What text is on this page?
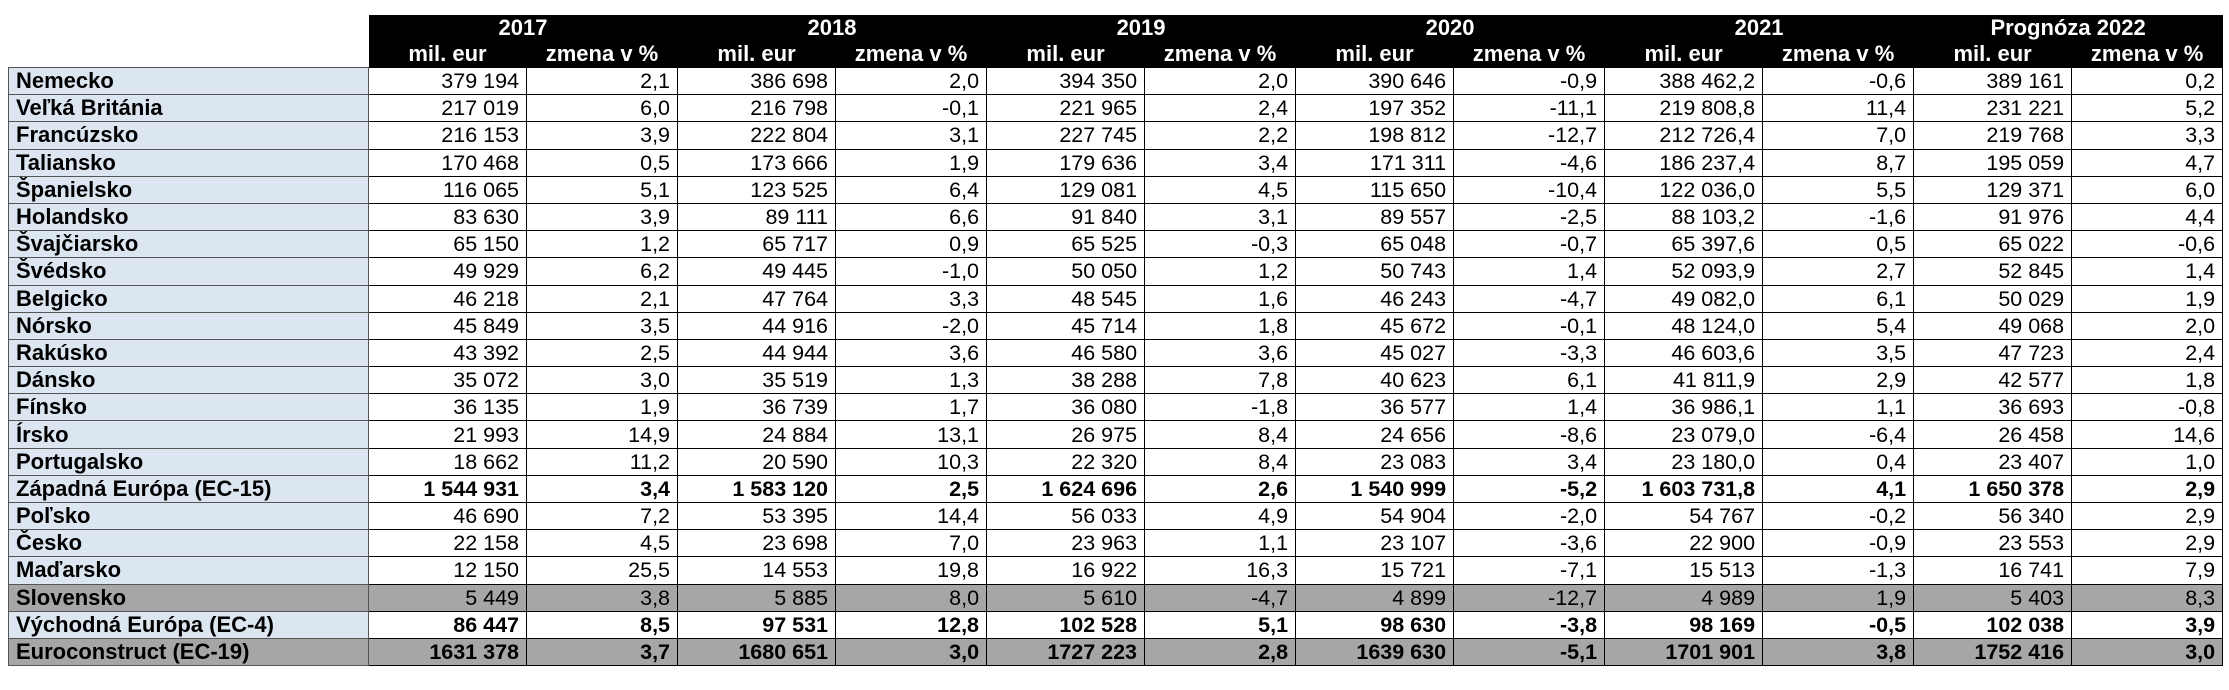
	2017		2018		2019		2020		2021		Prognóza 2022	
	mil. eur	zmena v %	mil. eur	zmena v %	mil. eur	zmena v %	mil. eur	zmena v %	mil. eur	zmena v %	mil. eur	zmena v %
Nemecko	379 194	2,1	386 698	2,0	394 350	2,0	390 646	-0,9	388 462,2	-0,6	389 161	0,2
Veľká Británia	217 019	6,0	216 798	-0,1	221 965	2,4	197 352	-11,1	219 808,8	11,4	231 221	5,2
Francúzsko	216 153	3,9	222 804	3,1	227 745	2,2	198 812	-12,7	212 726,4	7,0	219 768	3,3
Taliansko	170 468	0,5	173 666	1,9	179 636	3,4	171 311	-4,6	186 237,4	8,7	195 059	4,7
Španielsko	116 065	5,1	123 525	6,4	129 081	4,5	115 650	-10,4	122 036,0	5,5	129 371	6,0
Holandsko	83 630	3,9	89 111	6,6	91 840	3,1	89 557	-2,5	88 103,2	-1,6	91 976	4,4
Švajčiarsko	65 150	1,2	65 717	0,9	65 525	-0,3	65 048	-0,7	65 397,6	0,5	65 022	-0,6
Švédsko	49 929	6,2	49 445	-1,0	50 050	1,2	50 743	1,4	52 093,9	2,7	52 845	1,4
Belgicko	46 218	2,1	47 764	3,3	48 545	1,6	46 243	-4,7	49 082,0	6,1	50 029	1,9
Nórsko	45 849	3,5	44 916	-2,0	45 714	1,8	45 672	-0,1	48 124,0	5,4	49 068	2,0
Rakúsko	43 392	2,5	44 944	3,6	46 580	3,6	45 027	-3,3	46 603,6	3,5	47 723	2,4
Dánsko	35 072	3,0	35 519	1,3	38 288	7,8	40 623	6,1	41 811,9	2,9	42 577	1,8
Fínsko	36 135	1,9	36 739	1,7	36 080	-1,8	36 577	1,4	36 986,1	1,1	36 693	-0,8
Írsko	21 993	14,9	24 884	13,1	26 975	8,4	24 656	-8,6	23 079,0	-6,4	26 458	14,6
Portugalsko	18 662	11,2	20 590	10,3	22 320	8,4	23 083	3,4	23 180,0	0,4	23 407	1,0
Západná Európa (EC-15)	1 544 931	3,4	1 583 120	2,5	1 624 696	2,6	1 540 999	-5,2	1 603 731,8	4,1	1 650 378	2,9
Poľsko	46 690	7,2	53 395	14,4	56 033	4,9	54 904	-2,0	54 767	-0,2	56 340	2,9
Česko	22 158	4,5	23 698	7,0	23 963	1,1	23 107	-3,6	22 900	-0,9	23 553	2,9
Maďarsko	12 150	25,5	14 553	19,8	16 922	16,3	15 721	-7,1	15 513	-1,3	16 741	7,9
Slovensko	5 449	3,8	5 885	8,0	5 610	-4,7	4 899	-12,7	4 989	1,9	5 403	8,3
Východná Európa (EC-4)	86 447	8,5	97 531	12,8	102 528	5,1	98 630	-3,8	98 169	-0,5	102 038	3,9
Euroconstruct (EC-19)	1631 378	3,7	1680 651	3,0	1727 223	2,8	1639 630	-5,1	1701 901	3,8	1752 416	3,0
